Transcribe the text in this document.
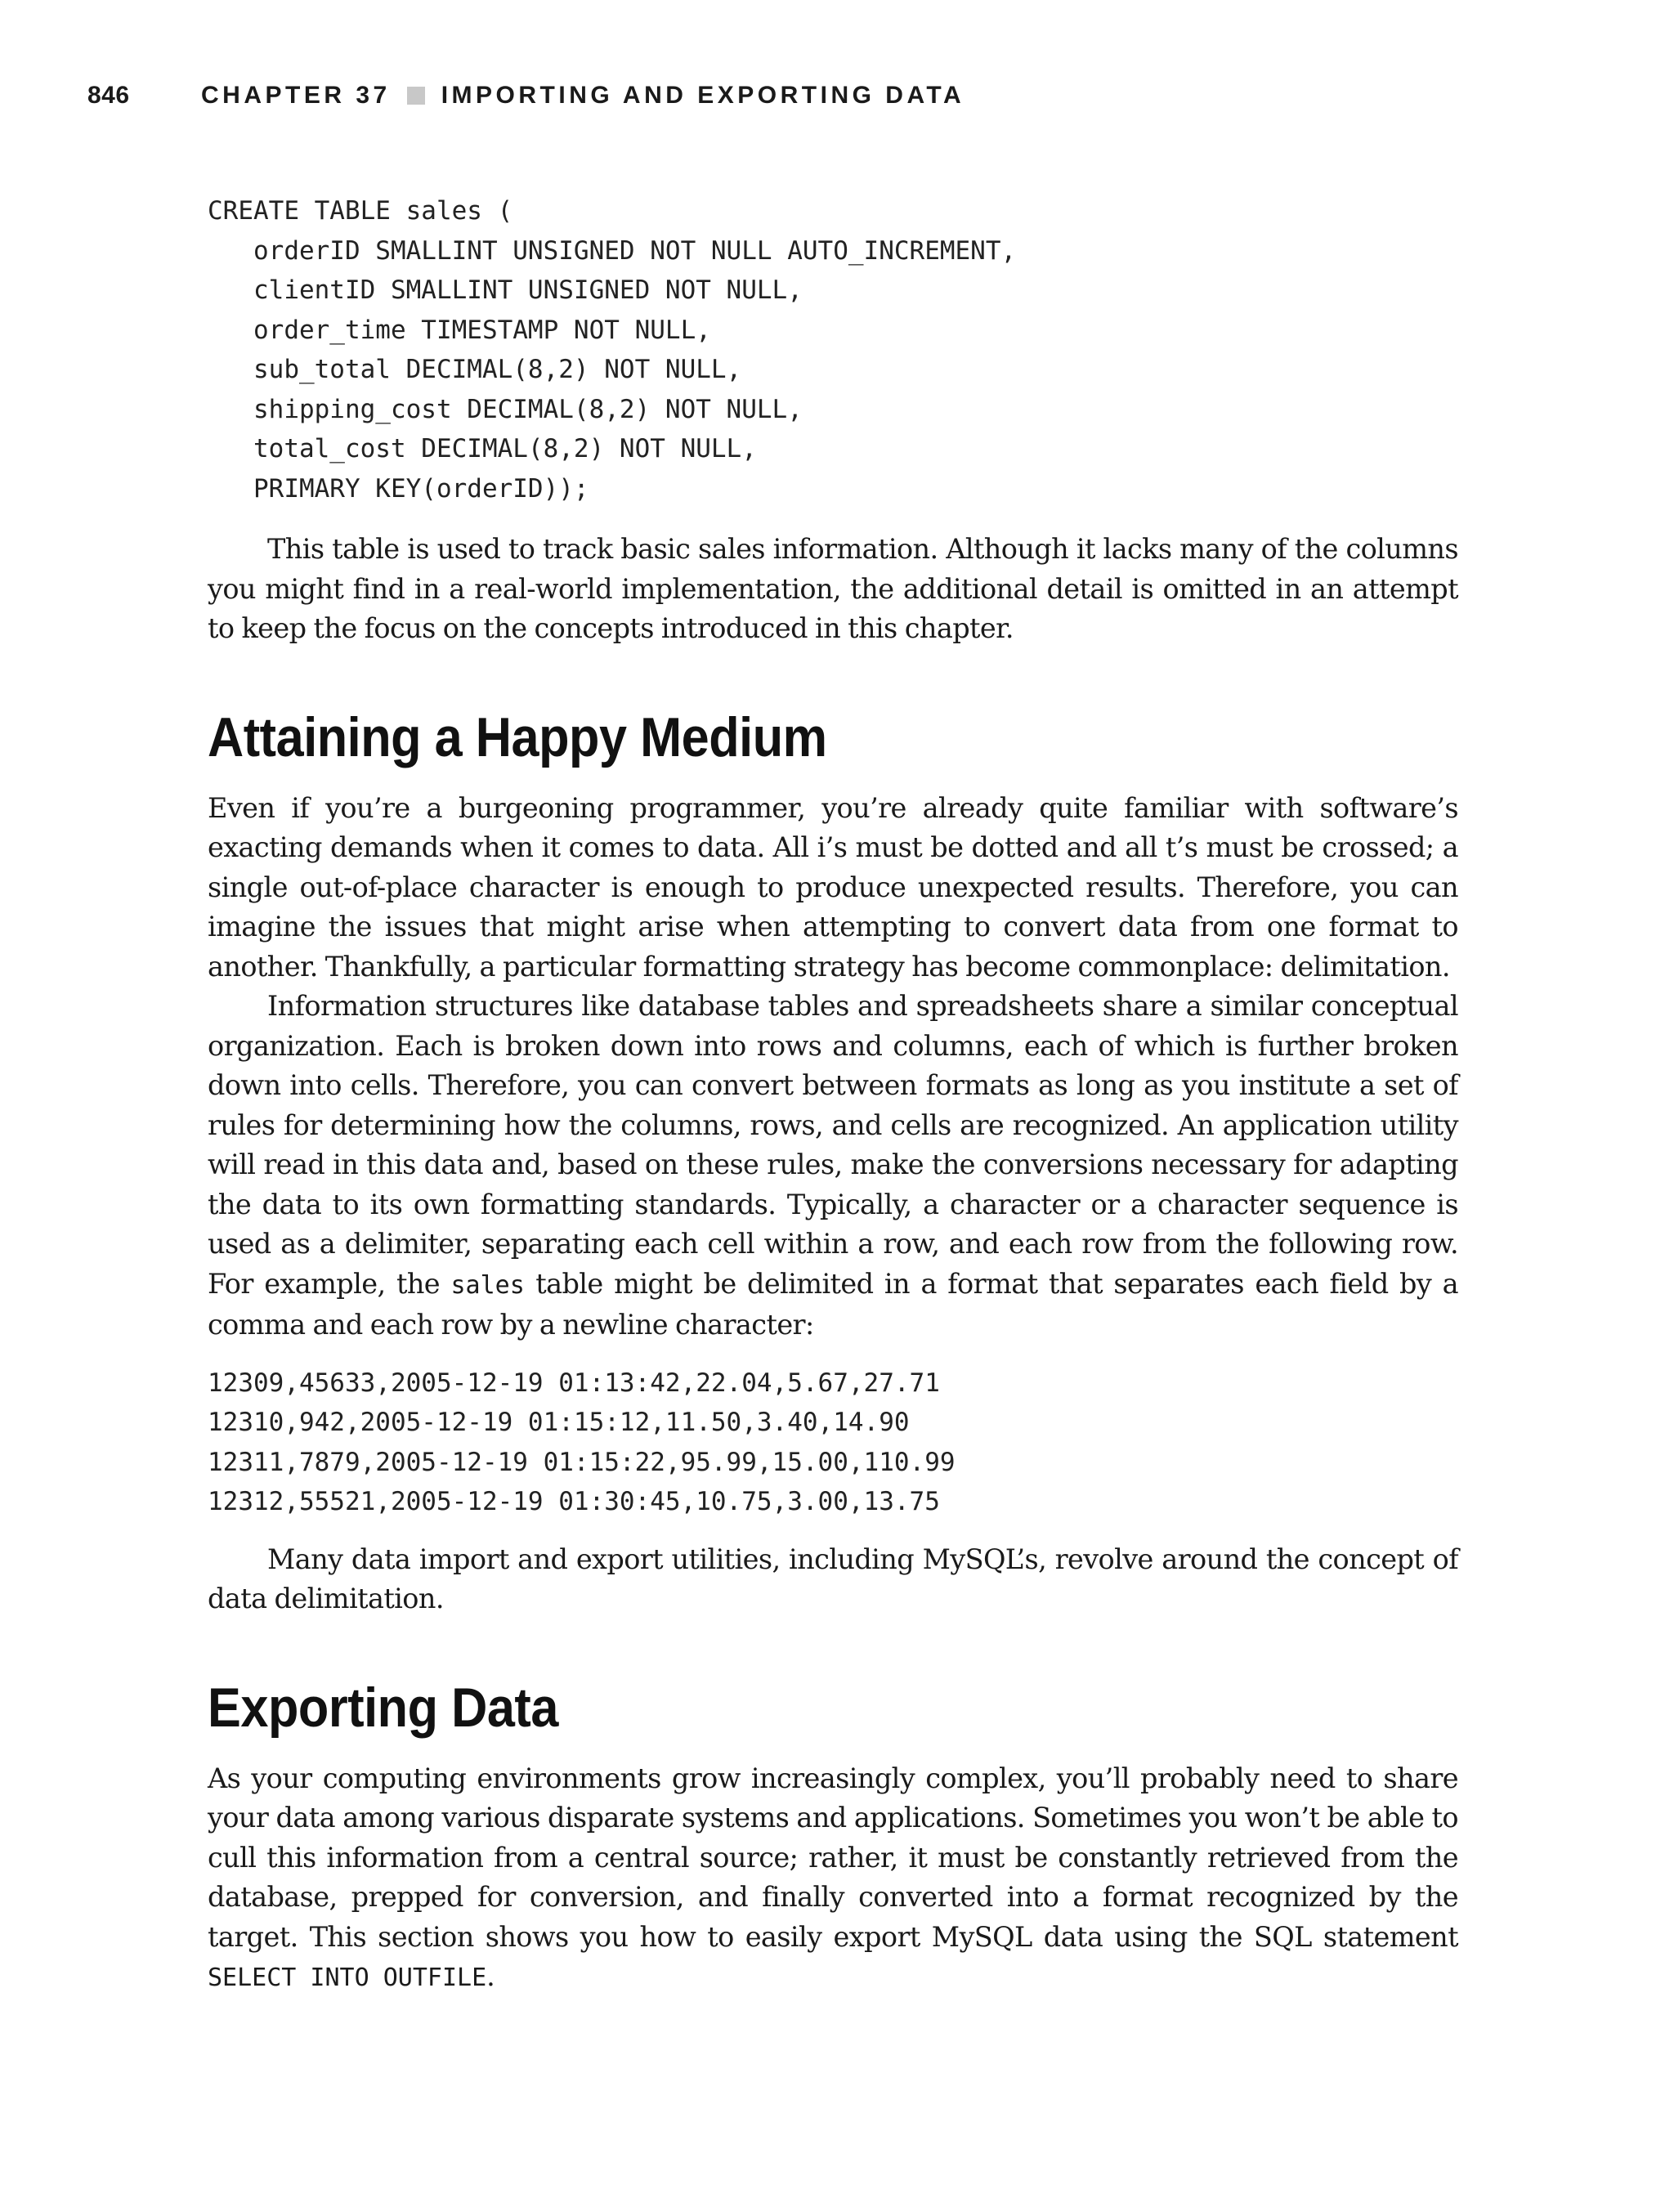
846	CHAPTER 37 IMPORTING AND EXPORTING DATA
CREATE TABLE sales (
orderID SMALLINT UNSIGNED NOT NULL AUTO_INCREMENT,
clientID SMALLINT UNSIGNED NOT NULL,
order_time TIMESTAMP NOT NULL,
sub_total DECIMAL(8,2) NOT NULL,
shipping_cost DECIMAL(8,2) NOT NULL,
total_cost DECIMAL(8,2) NOT NULL,
PRIMARY KEY(orderID));

This table is used to track basic sales information. Although it lacks many of the columns you might find in a real-world implementation, the additional detail is omitted in an attempt to keep the focus on the concepts introduced in this chapter.

Attaining a Happy Medium

Even if you’re a burgeoning programmer, you’re already quite familiar with software’s exacting demands when it comes to data. All i’s must be dotted and all t’s must be crossed; a single out-of-place character is enough to produce unexpected results. Therefore, you can imagine the issues that might arise when attempting to convert data from one format to another. Thankfully, a particular formatting strategy has become commonplace: delimitation.

Information structures like database tables and spreadsheets share a similar conceptual organization. Each is broken down into rows and columns, each of which is further broken down into cells. Therefore, you can convert between formats as long as you institute a set of rules for determining how the columns, rows, and cells are recognized. An application utility will read in this data and, based on these rules, make the conversions necessary for adapting the data to its own formatting standards. Typically, a character or a character sequence is used as a delimiter, separating each cell within a row, and each row from the following row. For example, the sales table might be delimited in a format that separates each field by a comma and each row by a newline character:

12309,45633,2005-12-19 01:13:42,22.04,5.67,27.71
12310,942,2005-12-19 01:15:12,11.50,3.40,14.90
12311,7879,2005-12-19 01:15:22,95.99,15.00,110.99
12312,55521,2005-12-19 01:30:45,10.75,3.00,13.75

Many data import and export utilities, including MySQL’s, revolve around the concept of data delimitation.

Exporting Data

As your computing environments grow increasingly complex, you’ll probably need to share your data among various disparate systems and applications. Sometimes you won’t be able to cull this information from a central source; rather, it must be constantly retrieved from the database, prepped for conversion, and finally converted into a format recognized by the target. This section shows you how to easily export MySQL data using the SQL statement SELECT INTO OUTFILE.
